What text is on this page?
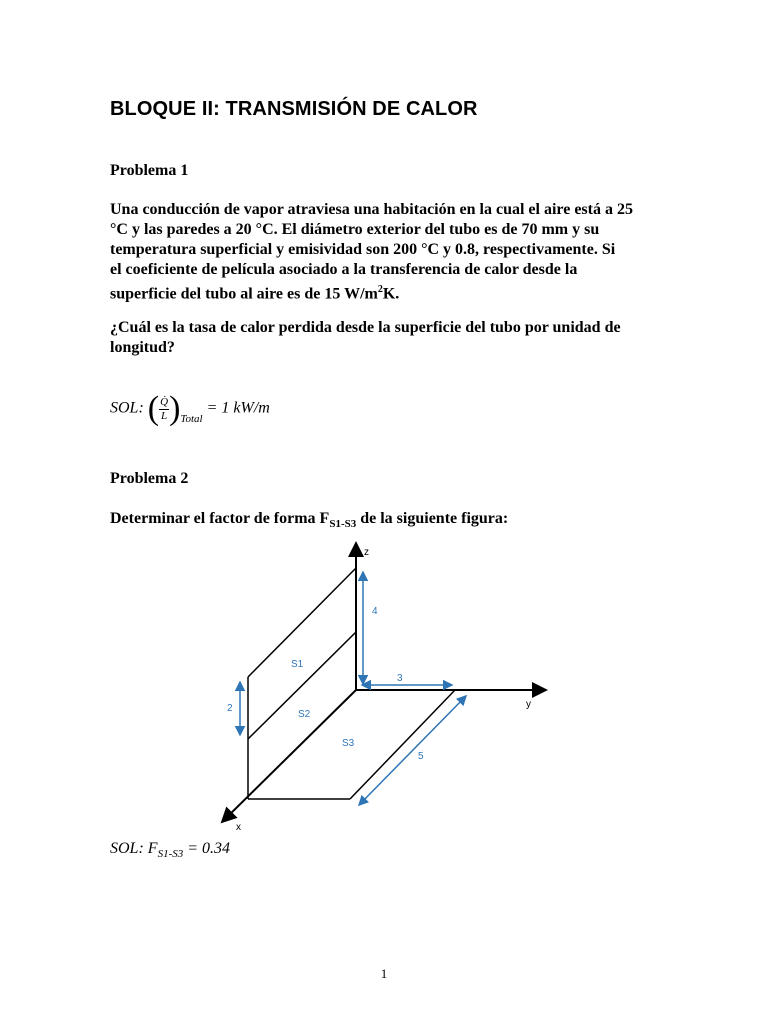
BLOQUE II: TRANSMISIÓN DE CALOR
Problema 1
Una conducción de vapor atraviesa una habitación en la cual el aire está a 25
°C y las paredes a 20 °C. El diámetro exterior del tubo es de 70 mm y su
temperatura superficial y emisividad son 200 °C y 0.8, respectivamente. Si
el coeficiente de película asociado a la transferencia de calor desde la
superficie del tubo al aire es de 15 $W/m^2K$.
¿Cuál es la tasa de calor perdida desde la superficie del tubo por unidad de
longitud?
SOL: ( $\frac{Q̇}{L} )_{Total} = 1$ kW/m
Problema 2
Determinar el factor de forma $F_{S1-S3}$ de la siguiente figura:
z
y
x
S1
S2
S3
4
3
2
5
SOL: $F_{S1-S3} = 0.34$
1
